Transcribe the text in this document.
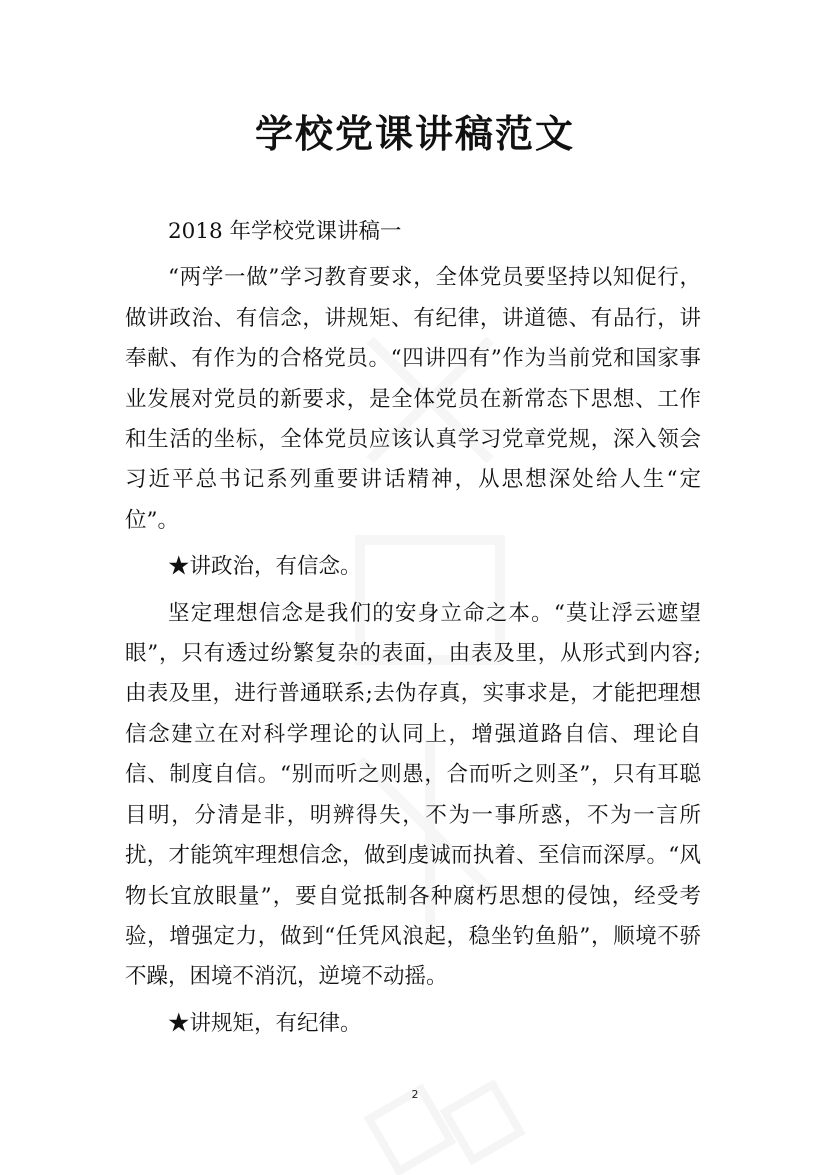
学校党课讲稿范文

2018 年学校党课讲稿一

“两学一做”学习教育要求，全体党员要坚持以知促行，做讲政治、有信念，讲规矩、有纪律，讲道德、有品行，讲奉献、有作为的合格党员。“四讲四有”作为当前党和国家事业发展对党员的新要求，是全体党员在新常态下思想、工作和生活的坐标，全体党员应该认真学习党章党规，深入领会习近平总书记系列重要讲话精神，从思想深处给人生“定位”。

★讲政治，有信念。

坚定理想信念是我们的安身立命之本。“莫让浮云遮望眼”，只有透过纷繁复杂的表面，由表及里，从形式到内容;由表及里，进行普通联系;去伪存真，实事求是，才能把理想信念建立在对科学理论的认同上，增强道路自信、理论自信、制度自信。“别而听之则愚，合而听之则圣”，只有耳聪目明，分清是非，明辨得失，不为一事所惑，不为一言所扰，才能筑牢理想信念，做到虔诚而执着、至信而深厚。“风物长宜放眼量”，要自觉抵制各种腐朽思想的侵蚀，经受考验，增强定力，做到“任凭风浪起，稳坐钓鱼船”，顺境不骄不躁，困境不消沉，逆境不动摇。

★讲规矩，有纪律。

2
